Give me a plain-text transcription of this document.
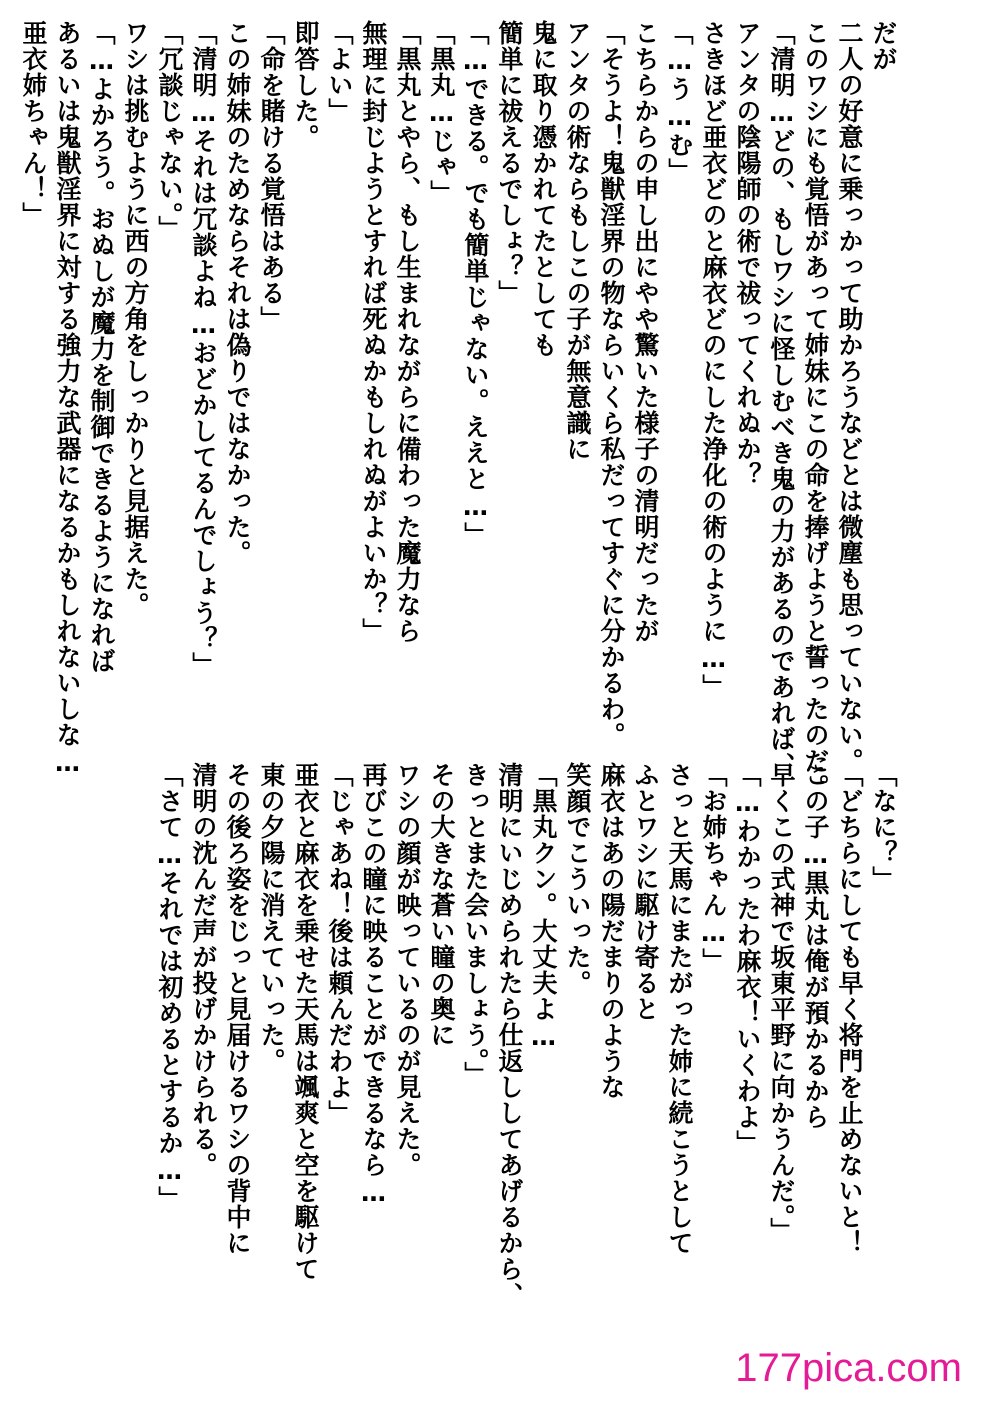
だが
二人の好意に乗っかって助かろうなどとは微塵も思っていない。
このワシにも覚悟があって姉妹にこの命を捧げようと誓ったのだ。
「清明…どの、もしワシに怪しむべき鬼の力があるのであれば、
アンタの陰陽師の術で祓ってくれぬか？
さきほど亜衣どのと麻衣どのにした浄化の術のように…」
「…う…む」
こちらからの申し出にやや驚いた様子の清明だったが
「そうよ！鬼獣淫界の物ならいくら私だってすぐに分かるわ。
アンタの術ならもしこの子が無意識に
鬼に取り憑かれてたとしても
簡単に祓えるでしょ？」
「…できる。でも簡単じゃない。ええと…」
「黒丸…じゃ」
「黒丸とやら、もし生まれながらに備わった魔力なら
無理に封じようとすれば死ぬかもしれぬがよいか？」
「よい」
即答した。
「命を賭ける覚悟はある」
この姉妹のためならそれは偽りではなかった。
「清明…それは冗談よね…おどかしてるんでしょう？」
「冗談じゃない。」
ワシは挑むように西の方角をしっかりと見据えた。
「…よかろう。おぬしが魔力を制御できるようになれば
あるいは鬼獣淫界に対する強力な武器になるかもしれないしな…
亜衣姉ちゃん！」
「なに？」
「どちらにしても早く将門を止めないと！
この子…黒丸は俺が預かるから
早くこの式神で坂東平野に向かうんだ。」
「…わかったわ麻衣！いくわよ」
「お姉ちゃん…」
さっと天馬にまたがった姉に続こうとして
ふとワシに駆け寄ると
麻衣はあの陽だまりのような
笑顔でこういった。
「黒丸クン。大丈夫よ…
清明にいじめられたら仕返ししてあげるから、
きっとまた会いましょう。」
その大きな蒼い瞳の奥に
ワシの顔が映っているのが見えた。
再びこの瞳に映ることができるなら…
「じゃあね！後は頼んだわよ」
亜衣と麻衣を乗せた天馬は颯爽と空を駆けて
東の夕陽に消えていった。
その後ろ姿をじっと見届けるワシの背中に
清明の沈んだ声が投げかけられる。
「さて…それでは初めるとするか…」
177pica.com
